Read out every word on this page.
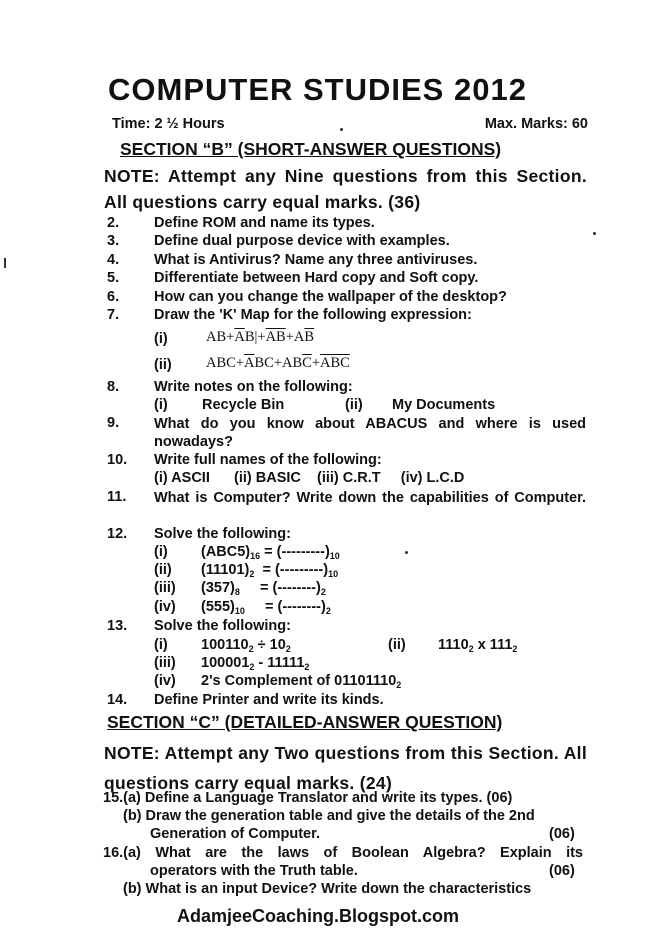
COMPUTER STUDIES 2012
Time: 2 ½ Hours	Max. Marks: 60
SECTION “B” (SHORT-ANSWER QUESTIONS)
NOTE: Attempt any Nine questions from this Section. All questions carry equal marks. (36)
2. Define ROM and name its types.
3. Define dual purpose device with examples.
4. What is Antivirus? Name any three antiviruses.
5. Differentiate between Hard copy and Soft copy.
6. How can you change the wallpaper of the desktop?
7. Draw the 'K' Map for the following expression:
(i)	$AB+\overline{A}B|+\overline{AB}+A\overline{B}$
(ii) $ABC+\overline{A}BC+AB\overline{C}+\overline{ABC}$
8. Write notes on the following:
(i) Recycle Bin	(ii) My Documents
9. What do you know about ABACUS and where is used nowadays?
10. Write full names of the following:
(i) ASCII      (ii) BASIC    (iii) C.R.T     (iv) L.C.D
11. What is Computer? Write down the capabilities of Computer.
12. Solve the following:
(i) $(ABC5)_{16} = (---------)_{10}$
(ii) $(11101)_2 = (---------)_{10}$
(iii) $(357)_8$     = $(--------)_2$
(iv) $(555)_{10}$     = $(--------)_2$
13. Solve the following:
(i) $100110_2 \div 10_2$	(ii) $1110_2$ x $111_2$
(iii) $100001_2 - 11111_2$
(iv) 2's Complement of $01101110_2$
14. Define Printer and write its kinds.
SECTION “C” (DETAILED-ANSWER QUESTION)
NOTE: Attempt any Two questions from this Section. All questions carry equal marks. (24)
15.(a) Define a Language Translator and write its types. (06)
(b) Draw the generation table and give the details of the 2nd
Generation of Computer.	(06)
16.(a) What are the laws of Boolean Algebra? Explain its
operators with the Truth table.	(06)
(b) What is an input Device? Write down the characteristics
AdamjeeCoaching.Blogspot.com
